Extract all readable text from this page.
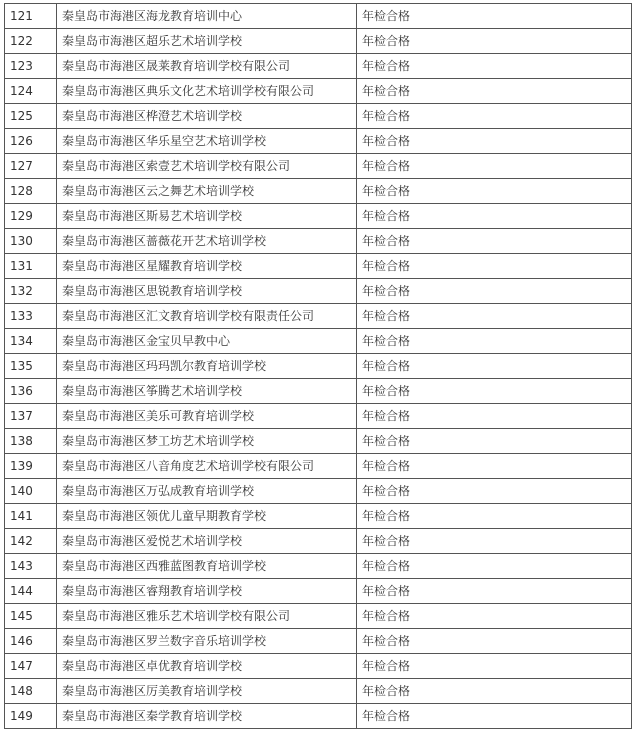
121	秦皇岛市海港区海龙教育培训中心	年检合格
122	秦皇岛市海港区超乐艺术培训学校	年检合格
123	秦皇岛市海港区晟莱教育培训学校有限公司	年检合格
124	秦皇岛市海港区典乐文化艺术培训学校有限公司	年检合格
125	秦皇岛市海港区桦澄艺术培训学校	年检合格
126	秦皇岛市海港区华乐星空艺术培训学校	年检合格
127	秦皇岛市海港区索壹艺术培训学校有限公司	年检合格
128	秦皇岛市海港区云之舞艺术培训学校	年检合格
129	秦皇岛市海港区斯易艺术培训学校	年检合格
130	秦皇岛市海港区蔷薇花开艺术培训学校	年检合格
131	秦皇岛市海港区星耀教育培训学校	年检合格
132	秦皇岛市海港区思锐教育培训学校	年检合格
133	秦皇岛市海港区汇文教育培训学校有限责任公司	年检合格
134	秦皇岛市海港区金宝贝早教中心	年检合格
135	秦皇岛市海港区玛玛凯尔教育培训学校	年检合格
136	秦皇岛市海港区筝腾艺术培训学校	年检合格
137	秦皇岛市海港区美乐可教育培训学校	年检合格
138	秦皇岛市海港区梦工坊艺术培训学校	年检合格
139	秦皇岛市海港区八音角度艺术培训学校有限公司	年检合格
140	秦皇岛市海港区万弘成教育培训学校	年检合格
141	秦皇岛市海港区领优儿童早期教育学校	年检合格
142	秦皇岛市海港区爱悦艺术培训学校	年检合格
143	秦皇岛市海港区西雅蓝图教育培训学校	年检合格
144	秦皇岛市海港区睿翔教育培训学校	年检合格
145	秦皇岛市海港区雅乐艺术培训学校有限公司	年检合格
146	秦皇岛市海港区罗兰数字音乐培训学校	年检合格
147	秦皇岛市海港区卓优教育培训学校	年检合格
148	秦皇岛市海港区厉美教育培训学校	年检合格
149	秦皇岛市海港区秦学教育培训学校	年检合格
